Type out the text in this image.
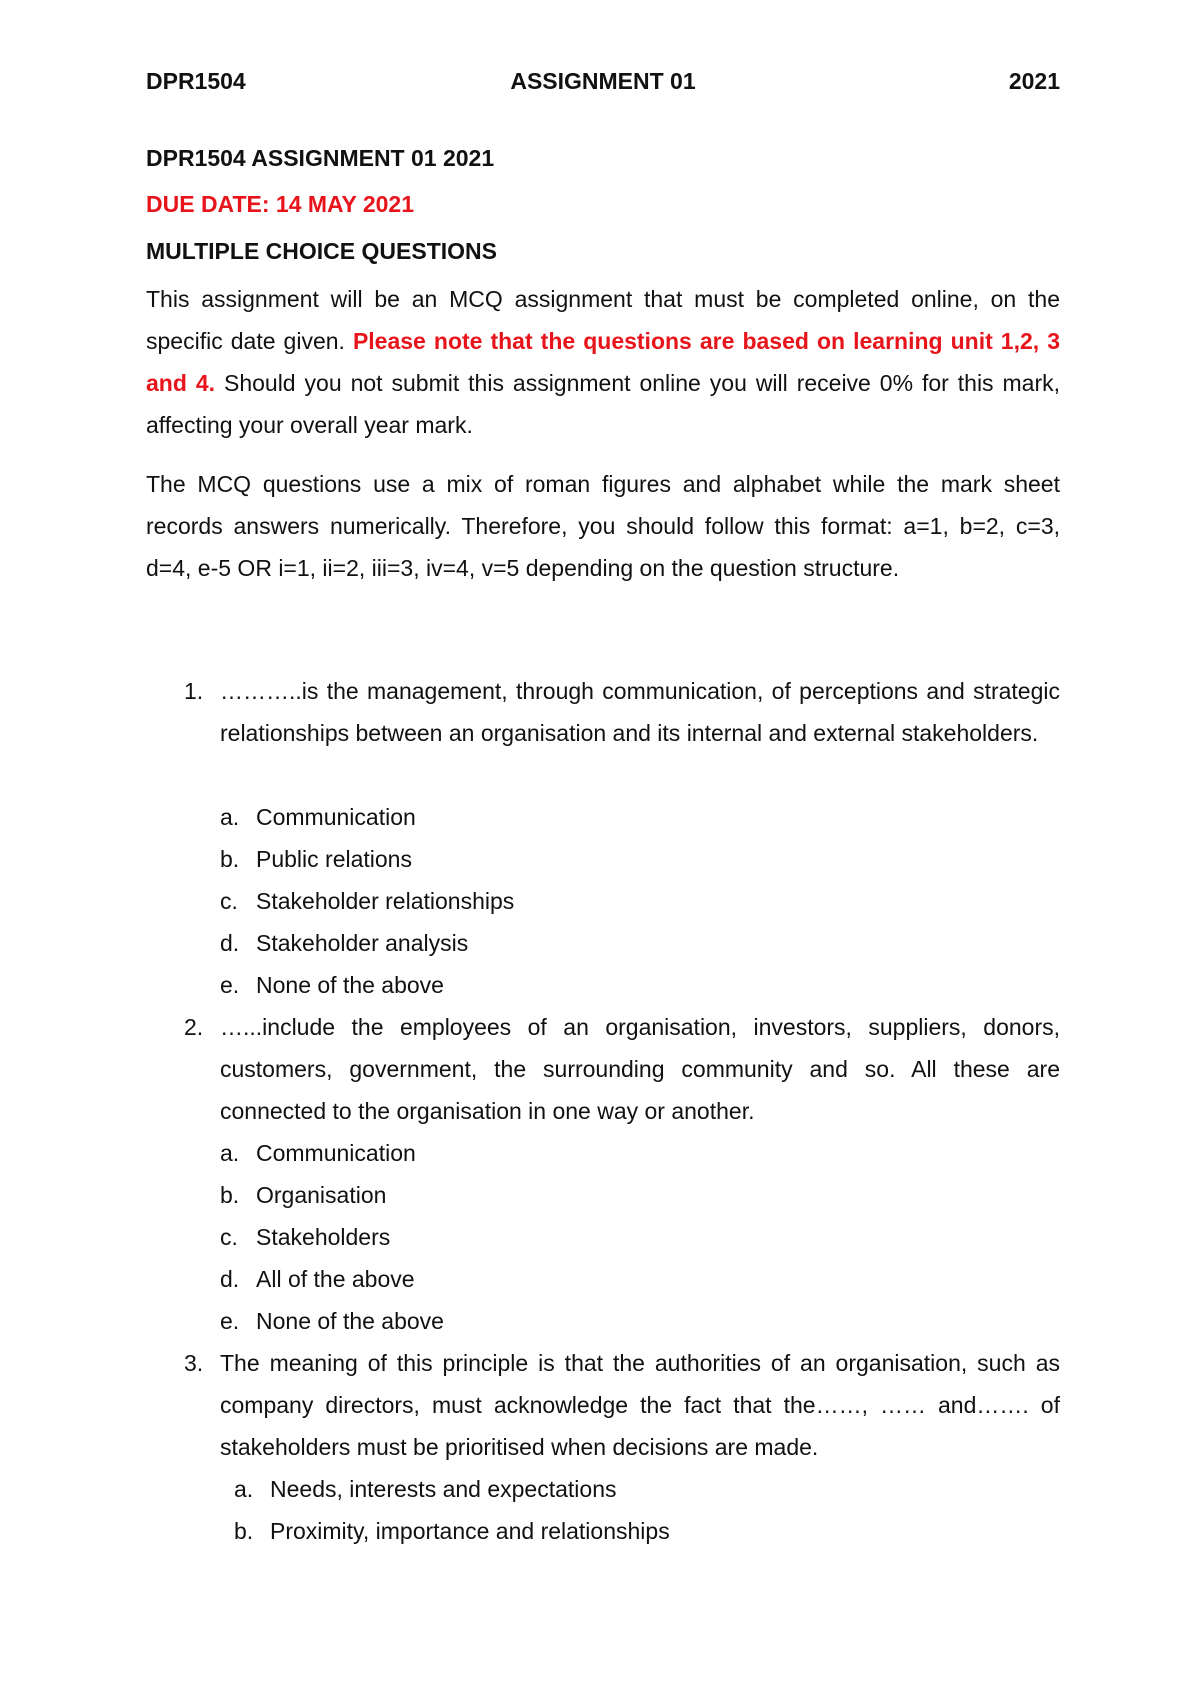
DPR1504	ASSIGNMENT 01	2021
DPR1504 ASSIGNMENT 01 2021
DUE DATE: 14 MAY 2021
MULTIPLE CHOICE QUESTIONS
This assignment will be an MCQ assignment that must be completed online, on the specific date given. Please note that the questions are based on learning unit 1,2, 3 and 4. Should you not submit this assignment online you will receive 0% for this mark, affecting your overall year mark.
The MCQ questions use a mix of roman figures and alphabet while the mark sheet records answers numerically. Therefore, you should follow this format: a=1, b=2, c=3, d=4, e-5 OR i=1, ii=2, iii=3, iv=4, v=5 depending on the question structure.
1. ………..is the management, through communication, of perceptions and strategic relationships between an organisation and its internal and external stakeholders.
a. Communication
b. Public relations
c. Stakeholder relationships
d. Stakeholder analysis
e. None of the above
2. …...include the employees of an organisation, investors, suppliers, donors, customers, government, the surrounding community and so. All these are connected to the organisation in one way or another.
a. Communication
b. Organisation
c. Stakeholders
d. All of the above
e. None of the above
3. The meaning of this principle is that the authorities of an organisation, such as company directors, must acknowledge the fact that the……, …… and……. of stakeholders must be prioritised when decisions are made.
a. Needs, interests and expectations
b. Proximity, importance and relationships
